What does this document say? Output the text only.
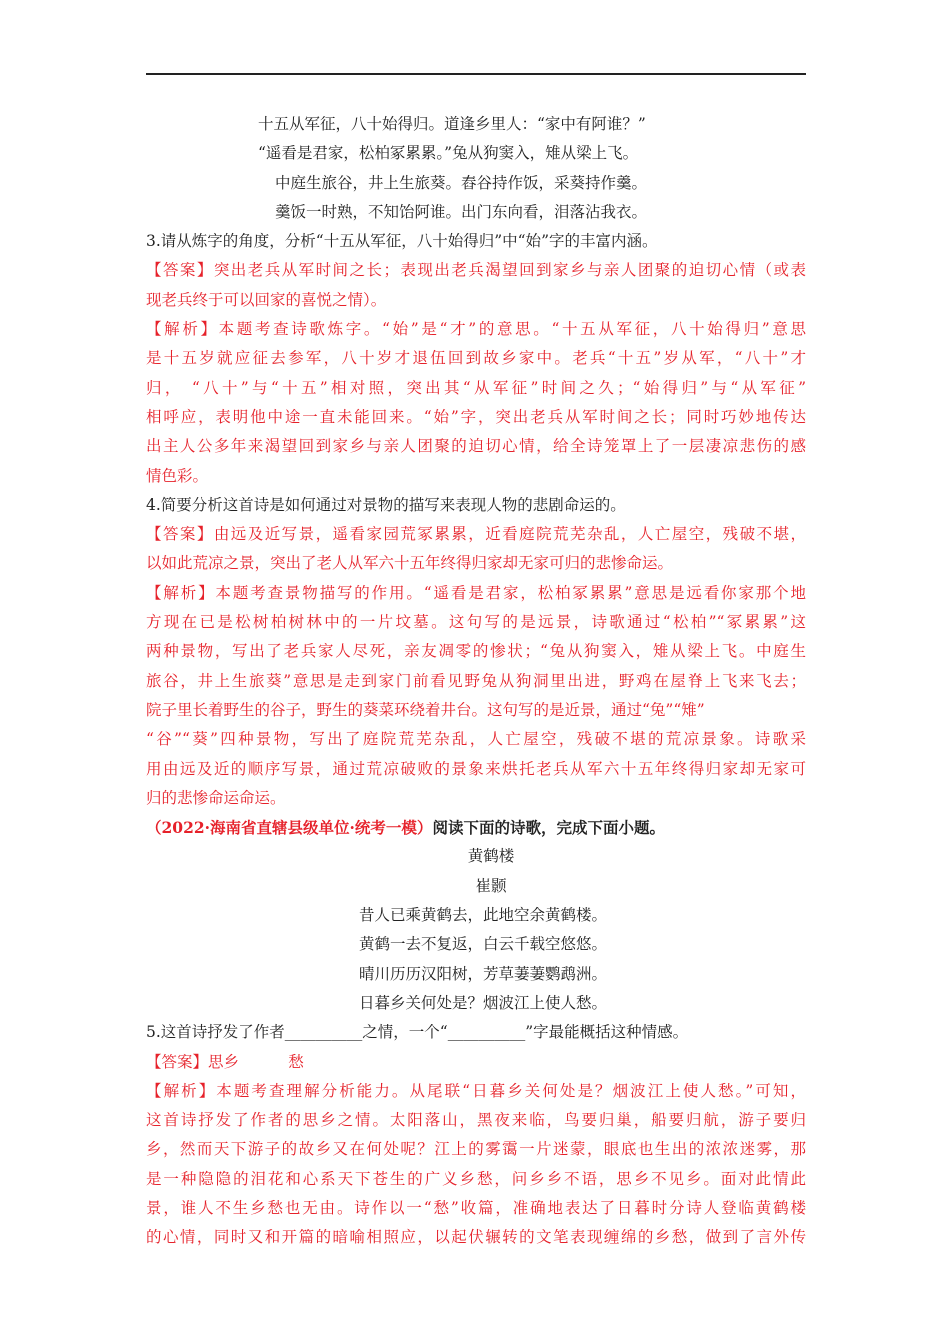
十五从军征，八十始得归。道逢乡里人：“家中有阿谁？”
“遥看是君家，松柏冢累累。”兔从狗窦入，雉从梁上飞。
中庭生旅谷，井上生旅葵。舂谷持作饭，采葵持作羹。
羹饭一时熟，不知饴阿谁。出门东向看，泪落沾我衣。
3.请从炼字的角度，分析“十五从军征，八十始得归”中“始”字的丰富内涵。
【答案】突出老兵从军时间之长；表现出老兵渴望回到家乡与亲人团聚的迫切心情（或表
现老兵终于可以回家的喜悦之情）。
【解析】本题考查诗歌炼字。“始”是“才”的意思。“十五从军征，八十始得归”意思
是十五岁就应征去参军，八十岁才退伍回到故乡家中。老兵“十五”岁从军，“八十”才
归， “八十”与“十五”相对照，突出其“从军征”时间之久；“始得归”与“从军征”
相呼应，表明他中途一直未能回来。“始”字，突出老兵从军时间之长；同时巧妙地传达
出主人公多年来渴望回到家乡与亲人团聚的迫切心情，给全诗笼罩上了一层凄凉悲伤的感
情色彩。
4.简要分析这首诗是如何通过对景物的描写来表现人物的悲剧命运的。
【答案】由远及近写景，遥看家园荒冢累累，近看庭院荒芜杂乱，人亡屋空，残破不堪，
以如此荒凉之景，突出了老人从军六十五年终得归家却无家可归的悲惨命运。
【解析】本题考查景物描写的作用。“遥看是君家，松柏冢累累”意思是远看你家那个地
方现在已是松树柏树林中的一片坟墓。这句写的是远景，诗歌通过“松柏”“冢累累”这
两种景物，写出了老兵家人尽死，亲友凋零的惨状；“兔从狗窦入，雉从梁上飞。中庭生
旅谷，井上生旅葵”意思是走到家门前看见野兔从狗洞里出进，野鸡在屋脊上飞来飞去；
院子里长着野生的谷子，野生的葵菜环绕着井台。这句写的是近景，通过“兔”“雉”
“谷”“葵”四种景物，写出了庭院荒芜杂乱，人亡屋空，残破不堪的荒凉景象。诗歌采
用由远及近的顺序写景，通过荒凉破败的景象来烘托老兵从军六十五年终得归家却无家可
归的悲惨命运命运。
（2022·海南省直辖县级单位·统考一模）阅读下面的诗歌，完成下面小题。
黄鹤楼
崔颢
昔人已乘黄鹤去，此地空余黄鹤楼。
黄鹤一去不复返，白云千载空悠悠。
晴川历历汉阳树，芳草萋萋鹦鹉洲。
日暮乡关何处是？烟波江上使人愁。
5.这首诗抒发了作者__________之情，一个“__________”字最能概括这种情感。
【答案】思乡          愁
【解析】本题考查理解分析能力。从尾联“日暮乡关何处是？烟波江上使人愁。”可知，
这首诗抒发了作者的思乡之情。太阳落山，黑夜来临，鸟要归巢，船要归航，游子要归
乡，然而天下游子的故乡又在何处呢？江上的雾霭一片迷蒙，眼底也生出的浓浓迷雾，那
是一种隐隐的泪花和心系天下苍生的广义乡愁，问乡乡不语，思乡不见乡。面对此情此
景，谁人不生乡愁也无由。诗作以一“愁”收篇，准确地表达了日暮时分诗人登临黄鹤楼
的心情，同时又和开篇的暗喻相照应，以起伏辗转的文笔表现缠绵的乡愁，做到了言外传
